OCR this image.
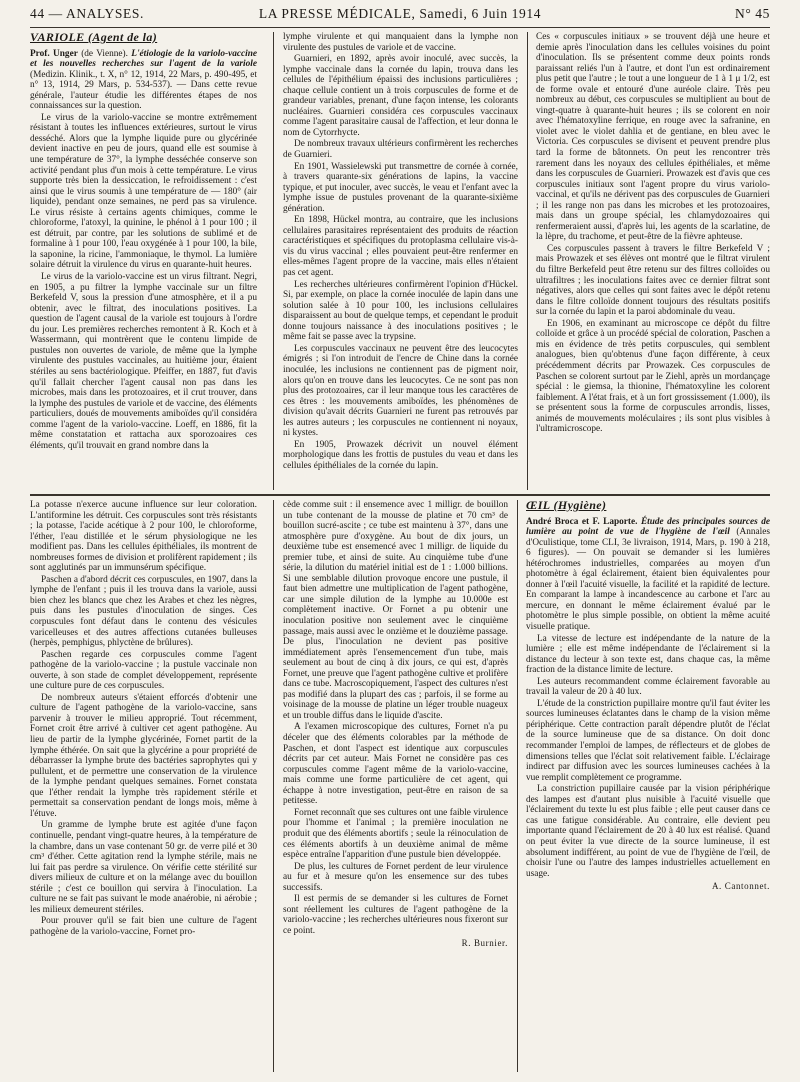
44 — ANALYSES.	LA PRESSE MÉDICALE, Samedi, 6 Juin 1914	N° 45
VARIOLE (Agent de la)

Prof. Unger (de Vienne). L'étiologie de la variolo-vaccine et les nouvelles recherches sur l'agent de la variole (Medizin. Klinik., t. X, n° 12, 1914, 22 Mars, p. 490-495, et n° 13, 1914, 29 Mars, p. 534-537). — Dans cette revue générale, l'auteur étudie les différentes étapes de nos connaissances sur la question.

Le virus de la variolo-vaccine se montre extrêmement résistant à toutes les influences extérieures, surtout le virus desséché. Alors que la lymphe liquide pure ou glycérinée devient inactive en peu de jours, quand elle est soumise à une température de 37°, la lymphe desséchée conserve son activité pendant plus d'un mois à cette température. Le virus supporte très bien la dessiccation, le refroidissement : c'est ainsi que le virus soumis à une température de — 180° (air liquide), pendant onze semaines, ne perd pas sa virulence. Le virus résiste à certains agents chimiques, comme le chloroforme, l'atoxyl, la quinine, le phénol à 1 pour 100 ; il est détruit, par contre, par les solutions de sublimé et de formaline à 1 pour 100, l'eau oxygénée à 1 pour 100, la bile, la saponine, la ricine, l'ammoniaque, le thymol. La lumière solaire détruit la virulence du virus en quarante-huit heures.

Le virus de la variolo-vaccine est un virus filtrant. Negri, en 1905, a pu filtrer la lymphe vaccinale sur un filtre Berkefeld V, sous la pression d'une atmosphère, et il a pu obtenir, avec le filtrat, des inoculations positives. La question de l'agent causal de la variole est toujours à l'ordre du jour. Les premières recherches remontent à R. Koch et à Wassermann, qui montrèrent que le contenu limpide de pustules non ouvertes de variole, de même que la lymphe virulente des pustules vaccinales, au huitième jour, étaient stériles au sens bactériologique. Pfeiffer, en 1887, fut d'avis qu'il fallait chercher l'agent causal non pas dans les microbes, mais dans les protozoaires, et il crut trouver, dans la lymphe des pustules de variole et de vaccine, des éléments particuliers, doués de mouvements amiboïdes qu'il considéra comme l'agent de la variolo-vaccine. Loeff, en 1886, fit la même constatation et rattacha aux sporozoaires ces éléments, qu'il trouvait en grand nombre dans la

lymphe virulente et qui manquaient dans la lymphe non virulente des pustules de variole et de vaccine.

Guarnieri, en 1892, après avoir inoculé, avec succès, la lymphe vaccinale dans la cornée du lapin, trouva dans les cellules de l'épithélium épaissi des inclusions particulières ; chaque cellule contient un à trois corpuscules de forme et de grandeur variables, prenant, d'une façon intense, les colorants nucléaires. Guarnieri considéra ces corpuscules vaccinaux comme l'agent parasitaire causal de l'affection, et leur donna le nom de Cytorrhycte.

De nombreux travaux ultérieurs confirmèrent les recherches de Guarnieri.

En 1901, Wassielewski put transmettre de cornée à cornée, à travers quarante-six générations de lapins, la vaccine typique, et put inoculer, avec succès, le veau et l'enfant avec la lymphe issue de pustules provenant de la quarante-sixième génération.

En 1898, Hückel montra, au contraire, que les inclusions cellulaires parasitaires représentaient des produits de réaction caractéristiques et spécifiques du protoplasma cellulaire vis-à-vis du virus vaccinal ; elles pouvaient peut-être renfermer en elles-mêmes l'agent propre de la vaccine, mais elles n'étaient pas cet agent.

Les recherches ultérieures confirmèrent l'opinion d'Hückel. Si, par exemple, on place la cornée inoculée de lapin dans une solution salée à 10 pour 100, les inclusions cellulaires disparaissent au bout de quelque temps, et cependant le produit donne toujours naissance à des inoculations positives ; le même fait se passe avec la trypsine.

Les corpuscules vaccinaux ne peuvent être des leucocytes émigrés ; si l'on introduit de l'encre de Chine dans la cornée inoculée, les inclusions ne contiennent pas de pigment noir, alors qu'on en trouve dans les leucocytes. Ce ne sont pas non plus des protozoaires, car il leur manque tous les caractères de ces êtres : les mouvements amiboïdes, les phénomènes de division qu'avait décrits Guarnieri ne furent pas retrouvés par les autres auteurs ; les corpuscules ne contiennent ni noyaux, ni kystes.

En 1905, Prowazek décrivit un nouvel élément morphologique dans les frottis de pustules du veau et dans les cellules épithéliales de la cornée du lapin.

Ces « corpuscules initiaux » se trouvent déjà une heure et demie après l'inoculation dans les cellules voisines du point d'inoculation. Ils se présentent comme deux points ronds paraissant reliés l'un à l'autre, et dont l'un est ordinairement plus petit que l'autre ; le tout a une longueur de 1 à 1 μ 1/2, est de forme ovale et entouré d'une auréole claire. Très peu nombreux au début, ces corpuscules se multiplient au bout de vingt-quatre à quarante-huit heures ; ils se colorent en noir avec l'hématoxyline ferrique, en rouge avec la safranine, en violet avec le violet dahlia et de gentiane, en bleu avec le Victoria. Ces corpuscules se divisent et peuvent prendre plus tard la forme de bâtonnets. On peut les rencontrer très rarement dans les noyaux des cellules épithéliales, et même dans les corpuscules de Guarnieri. Prowazek est d'avis que ces corpuscules initiaux sont l'agent propre du virus variolo-vaccinal, et qu'ils ne dérivent pas des corpuscules de Guarnieri ; il les range non pas dans les microbes et les protozoaires, mais dans un groupe spécial, les chlamydozoaires qui renfermeraient aussi, d'après lui, les agents de la scarlatine, de la lèpre, du trachome, et peut-être de la fièvre aphteuse.

Ces corpuscules passent à travers le filtre Berkefeld V ; mais Prowazek et ses élèves ont montré que le filtrat virulent du filtre Berkefeld peut être retenu sur des filtres colloïdes ou ultrafiltres ; les inoculations faites avec ce dernier filtrat sont négatives, alors que celles qui sont faites avec le dépôt retenu dans le filtre colloïde donnent toujours des résultats positifs sur la cornée du lapin et la paroi abdominale du veau.

En 1906, en examinant au microscope ce dépôt du filtre colloïde et grâce à un procédé spécial de coloration, Paschen a mis en évidence de très petits corpuscules, qui semblent analogues, bien qu'obtenus d'une façon différente, à ceux précédemment décrits par Prowazek. Ces corpuscules de Paschen se colorent surtout par le Ziehl, après un mordançage spécial : le giemsa, la thionine, l'hématoxyline les colorent faiblement. A l'état frais, et à un fort grossissement (1.000), ils se présentent sous la forme de corpuscules arrondis, lisses, animés de mouvements moléculaires ; ils sont plus visibles à l'ultramicroscope.

La potasse n'exerce aucune influence sur leur coloration. L'antiformine les détruit. Ces corpuscules sont très résistants ; la potasse, l'acide acétique à 2 pour 100, le chloroforme, l'éther, l'eau distillée et le sérum physiologique ne les modifient pas. Dans les cellules épithéliales, ils montrent de nombreuses formes de division et prolifèrent rapidement ; ils sont agglutinés par un immunsérum spécifique.

Paschen a d'abord décrit ces corpuscules, en 1907, dans la lymphe de l'enfant ; puis il les trouva dans la variole, aussi bien chez les blancs que chez les Arabes et chez les nègres, puis dans les pustules d'inoculation de singes. Ces corpuscules font défaut dans le contenu des vésicules varicelleuses et des autres affections cutanées bulleuses (herpès, pemphigus, phlyctène de brûlures).

Paschen regarde ces corpuscules comme l'agent pathogène de la variolo-vaccine ; la pustule vaccinale non ouverte, à son stade de complet développement, représente une culture pure de ces corpuscules.

De nombreux auteurs s'étaient efforcés d'obtenir une culture de l'agent pathogène de la variolo-vaccine, sans parvenir à trouver le milieu approprié. Tout récemment, Fornet croit être arrivé à cultiver cet agent pathogène. Au lieu de partir de la lymphe glycérinée, Fornet partit de la lymphe éthérée. On sait que la glycérine a pour propriété de débarrasser la lymphe brute des bactéries saprophytes qui y pullulent, et de permettre une conservation de la virulence de la lymphe pendant quelques semaines. Fornet constata que l'éther rendait la lymphe très rapidement stérile et permettait sa conservation pendant de longs mois, même à l'étuve.

Un gramme de lymphe brute est agitée d'une façon continuelle, pendant vingt-quatre heures, à la température de la chambre, dans un vase contenant 50 gr. de verre pilé et 30 cm³ d'éther. Cette agitation rend la lymphe stérile, mais ne lui fait pas perdre sa virulence. On vérifie cette stérilité sur divers milieux de culture et on la mélange avec du bouillon stérile ; c'est ce bouillon qui servira à l'inoculation. La culture ne se fait pas suivant le mode anaérobie, ni aérobie ; les milieux demeurent stériles.

Pour prouver qu'il se fait bien une culture de l'agent pathogène de la variolo-vaccine, Fornet pro-

cède comme suit : il ensemence avec 1 milligr. de bouillon un tube contenant de la mousse de platine et 70 cm³ de bouillon sucré-ascite ; ce tube est maintenu à 37°, dans une atmosphère pure d'oxygène. Au bout de dix jours, un deuxième tube est ensemencé avec 1 milligr. de liquide du premier tube, et ainsi de suite. Au cinquième tube d'une série, la dilution du matériel initial est de 1 : 1.000 billions. Si une semblable dilution provoque encore une pustule, il faut bien admettre une multiplication de l'agent pathogène, car une simple dilution de la lymphe au 10.000e est complètement inactive. Or Fornet a pu obtenir une inoculation positive non seulement avec le cinquième passage, mais aussi avec le onzième et le douzième passage. De plus, l'inoculation ne devient pas positive immédiatement après l'ensemencement d'un tube, mais seulement au bout de cinq à dix jours, ce qui est, d'après Fornet, une preuve que l'agent pathogène cultive et prolifère dans ce tube. Macroscopiquement, l'aspect des cultures n'est pas modifié dans la plupart des cas ; parfois, il se forme au voisinage de la mousse de platine un léger trouble nuageux et un trouble diffus dans le liquide d'ascite.

A l'examen microscopique des cultures, Fornet n'a pu déceler que des éléments colorables par la méthode de Paschen, et dont l'aspect est identique aux corpuscules décrits par cet auteur. Mais Fornet ne considère pas ces corpuscules comme l'agent même de la variolo-vaccine, mais comme une forme particulière de cet agent, qui échappe à notre investigation, peut-être en raison de sa petitesse.

Fornet reconnaît que ses cultures ont une faible virulence pour l'homme et l'animal ; la première inoculation ne produit que des éléments abortifs ; seule la réinoculation de ces éléments abortifs à un deuxième animal de même espèce entraîne l'apparition d'une pustule bien développée.

De plus, les cultures de Fornet perdent de leur virulence au fur et à mesure qu'on les ensemence sur des tubes successifs.

Il est permis de se demander si les cultures de Fornet sont réellement les cultures de l'agent pathogène de la variolo-vaccine ; les recherches ultérieures nous fixeront sur ce point.

R. Burnier.
ŒIL (Hygiène)

André Broca et F. Laporte. Étude des principales sources de lumière au point de vue de l'hygiène de l'œil (Annales d'Oculistique, tome CLI, 3e livraison, 1914, Mars, p. 190 à 218, 6 figures). — On pouvait se demander si les lumières hétérochromes industrielles, comparées au moyen d'un photomètre à égal éclairement, étaient bien équivalentes pour donner à l'œil l'acuité visuelle, la facilité et la rapidité de lecture. En comparant la lampe à incandescence au carbone et l'arc au mercure, en donnant le même éclairement évalué par le photomètre le plus simple possible, on obtient la même acuité visuelle pratique.

La vitesse de lecture est indépendante de la nature de la lumière ; elle est même indépendante de l'éclairement si la distance du lecteur à son texte est, dans chaque cas, la même fraction de la distance limite de lecture.

Les auteurs recommandent comme éclairement favorable au travail la valeur de 20 à 40 lux.

L'étude de la constriction pupillaire montre qu'il faut éviter les sources lumineuses éclatantes dans le champ de la vision même périphérique. Cette contraction paraît dépendre plutôt de l'éclat de la source lumineuse que de sa distance. On doit donc recommander l'emploi de lampes, de réflecteurs et de globes de dimensions telles que l'éclat soit relativement faible. L'éclairage indirect par diffusion avec les sources lumineuses cachées à la vue remplit complètement ce programme.

La constriction pupillaire causée par la vision périphérique des lampes est d'autant plus nuisible à l'acuité visuelle que l'éclairement du texte lu est plus faible ; elle peut causer dans ce cas une fatigue considérable. Au contraire, elle devient peu importante quand l'éclairement de 20 à 40 lux est réalisé. Quand on peut éviter la vue directe de la source lumineuse, il est absolument indifférent, au point de vue de l'hygiène de l'œil, de choisir l'une ou l'autre des lampes industrielles actuellement en usage.

A. Cantonnet.
